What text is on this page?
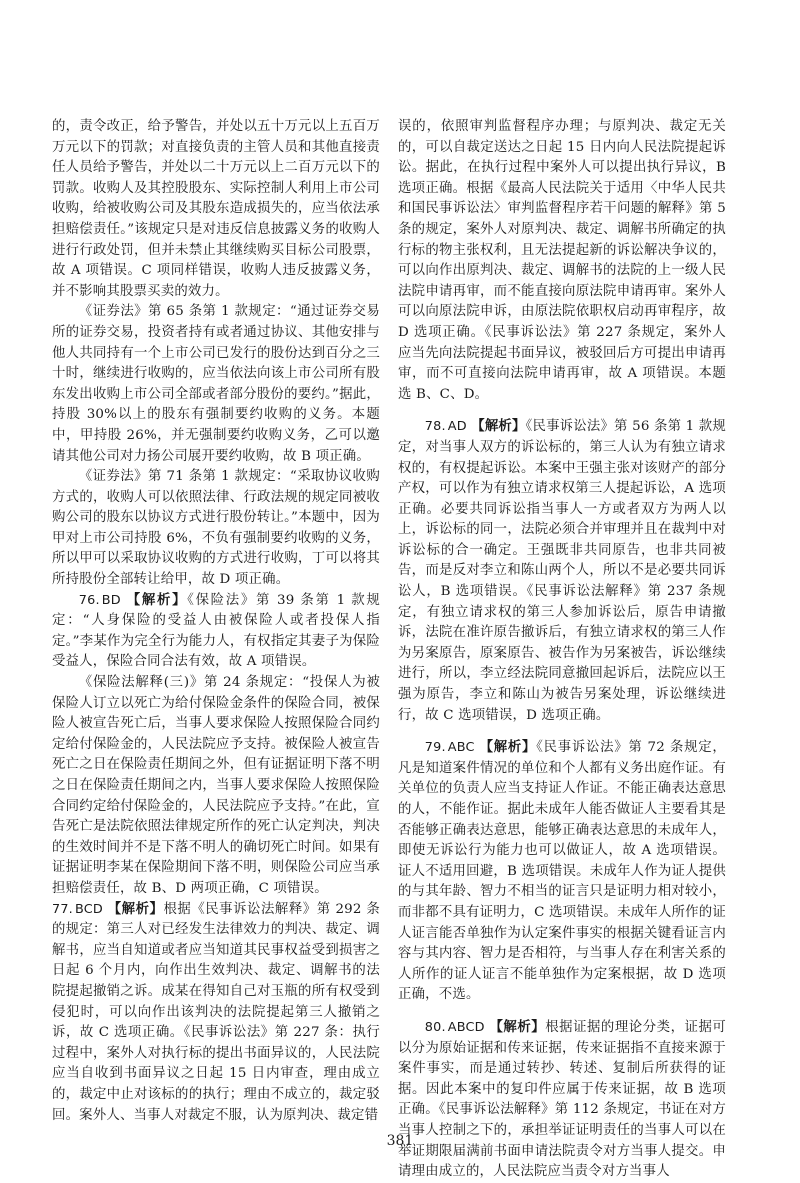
的，责令改正，给予警告，并处以五十万元以上五百万万元以下的罚款；对直接负责的主管人员和其他直接责任人员给予警告，并处以二十万元以上二百万元以下的罚款。收购人及其控股股东、实际控制人利用上市公司收购，给被收购公司及其股东造成损失的，应当依法承担赔偿责任。”该规定只是对违反信息披露义务的收购人进行行政处罚，但并未禁止其继续购买目标公司股票，故 A 项错误。C 项同样错误，收购人违反披露义务，并不影响其股票买卖的效力。

《证券法》第 65 条第 1 款规定：“通过证券交易所的证券交易，投资者持有或者通过协议、其他安排与他人共同持有一个上市公司已发行的股份达到百分之三十时，继续进行收购的，应当依法向该上市公司所有股东发出收购上市公司全部或者部分股份的要约。”据此，持股 30%以上的股东有强制要约收购的义务。本题中，甲持股 26%，并无强制要约收购义务，乙可以邀请其他公司对力扬公司展开要约收购，故 B 项正确。

《证券法》第 71 条第 1 款规定：“采取协议收购方式的，收购人可以依照法律、行政法规的规定同被收购公司的股东以协议方式进行股份转让。”本题中，因为甲对上市公司持股 6%，不负有强制要约收购的义务，所以甲可以采取协议收购的方式进行收购，丁可以将其所持股份全部转让给甲，故 D 项正确。

76. BD 【解析】《保险法》第 39 条第 1 款规定：“人身保险的受益人由被保险人或者投保人指定。”李某作为完全行为能力人，有权指定其妻子为保险受益人，保险合同合法有效，故 A 项错误。

《保险法解释(三)》第 24 条规定：“投保人为被保险人订立以死亡为给付保险金条件的保险合同，被保险人被宣告死亡后，当事人要求保险人按照保险合同约定给付保险金的，人民法院应予支持。被保险人被宣告死亡之日在保险责任期间之外，但有证据证明下落不明之日在保险责任期间之内，当事人要求保险人按照保险合同约定给付保险金的，人民法院应予支持。”在此，宣告死亡是法院依照法律规定所作的死亡认定判决，判决的生效时间并不是下落不明人的确切死亡时间。如果有证据证明李某在保险期间下落不明，则保险公司应当承担赔偿责任，故 B、D 两项正确，C 项错误。

77. BCD 【解析】根据《民事诉讼法解释》第 292 条的规定：第三人对已经发生法律效力的判决、裁定、调解书，应当自知道或者应当知道其民事权益受到损害之日起 6 个月内，向作出生效判决、裁定、调解书的法院提起撤销之诉。成某在得知自己对玉瓶的所有权受到侵犯时，可以向作出该判决的法院提起第三人撤销之诉，故 C 选项正确。《民事诉讼法》第 227 条：执行过程中，案外人对执行标的提出书面异议的，人民法院应当自收到书面异议之日起 15 日内审查，理由成立的，裁定中止对该标的的执行；理由不成立的，裁定驳回。案外人、当事人对裁定不服，认为原判决、裁定错

误的，依照审判监督程序办理；与原判决、裁定无关的，可以自裁定送达之日起 15 日内向人民法院提起诉讼。据此，在执行过程中案外人可以提出执行异议，B 选项正确。根据《最高人民法院关于适用〈中华人民共和国民事诉讼法〉审判监督程序若干问题的解释》第 5 条的规定，案外人对原判决、裁定、调解书所确定的执行标的物主张权利，且无法提起新的诉讼解决争议的，可以向作出原判决、裁定、调解书的法院的上一级人民法院申请再审，而不能直接向原法院申请再审。案外人可以向原法院申诉，由原法院依职权启动再审程序，故 D 选项正确。《民事诉讼法》第 227 条规定，案外人应当先向法院提起书面异议，被驳回后方可提出申请再审，而不可直接向法院申请再审，故 A 项错误。本题选 B、C、D。

78. AD 【解析】《民事诉讼法》第 56 条第 1 款规定，对当事人双方的诉讼标的，第三人认为有独立请求权的，有权提起诉讼。本案中王强主张对该财产的部分产权，可以作为有独立请求权第三人提起诉讼，A 选项正确。必要共同诉讼指当事人一方或者双方为两人以上，诉讼标的同一，法院必须合并审理并且在裁判中对诉讼标的合一确定。王强既非共同原告，也非共同被告，而是反对李立和陈山两个人，所以不是必要共同诉讼人，B 选项错误。《民事诉讼法解释》第 237 条规定，有独立请求权的第三人参加诉讼后，原告申请撤诉，法院在准许原告撤诉后，有独立请求权的第三人作为另案原告，原案原告、被告作为另案被告，诉讼继续进行，所以，李立经法院同意撤回起诉后，法院应以王强为原告，李立和陈山为被告另案处理，诉讼继续进行，故 C 选项错误，D 选项正确。

79. ABC 【解析】《民事诉讼法》第 72 条规定，凡是知道案件情况的单位和个人都有义务出庭作证。有关单位的负责人应当支持证人作证。不能正确表达意思的人，不能作证。据此未成年人能否做证人主要看其是否能够正确表达意思，能够正确表达意思的未成年人，即使无诉讼行为能力也可以做证人，故 A 选项错误。证人不适用回避，B 选项错误。未成年人作为证人提供的与其年龄、智力不相当的证言只是证明力相对较小，而非都不具有证明力，C 选项错误。未成年人所作的证人证言能否单独作为认定案件事实的根据关键看证言内容与其内容、智力是否相符，与当事人存在利害关系的人所作的证人证言不能单独作为定案根据，故 D 选项正确，不选。

80. ABCD 【解析】根据证据的理论分类，证据可以分为原始证据和传来证据，传来证据指不直接来源于案件事实，而是通过转抄、转述、复制后所获得的证据。因此本案中的复印件应属于传来证据，故 B 选项正确。《民事诉讼法解释》第 112 条规定，书证在对方当事人控制之下的，承担举证证明责任的当事人可以在举证期限届满前书面申请法院责令对方当事人提交。申请理由成立的，人民法院应当责令对方当事人

381
